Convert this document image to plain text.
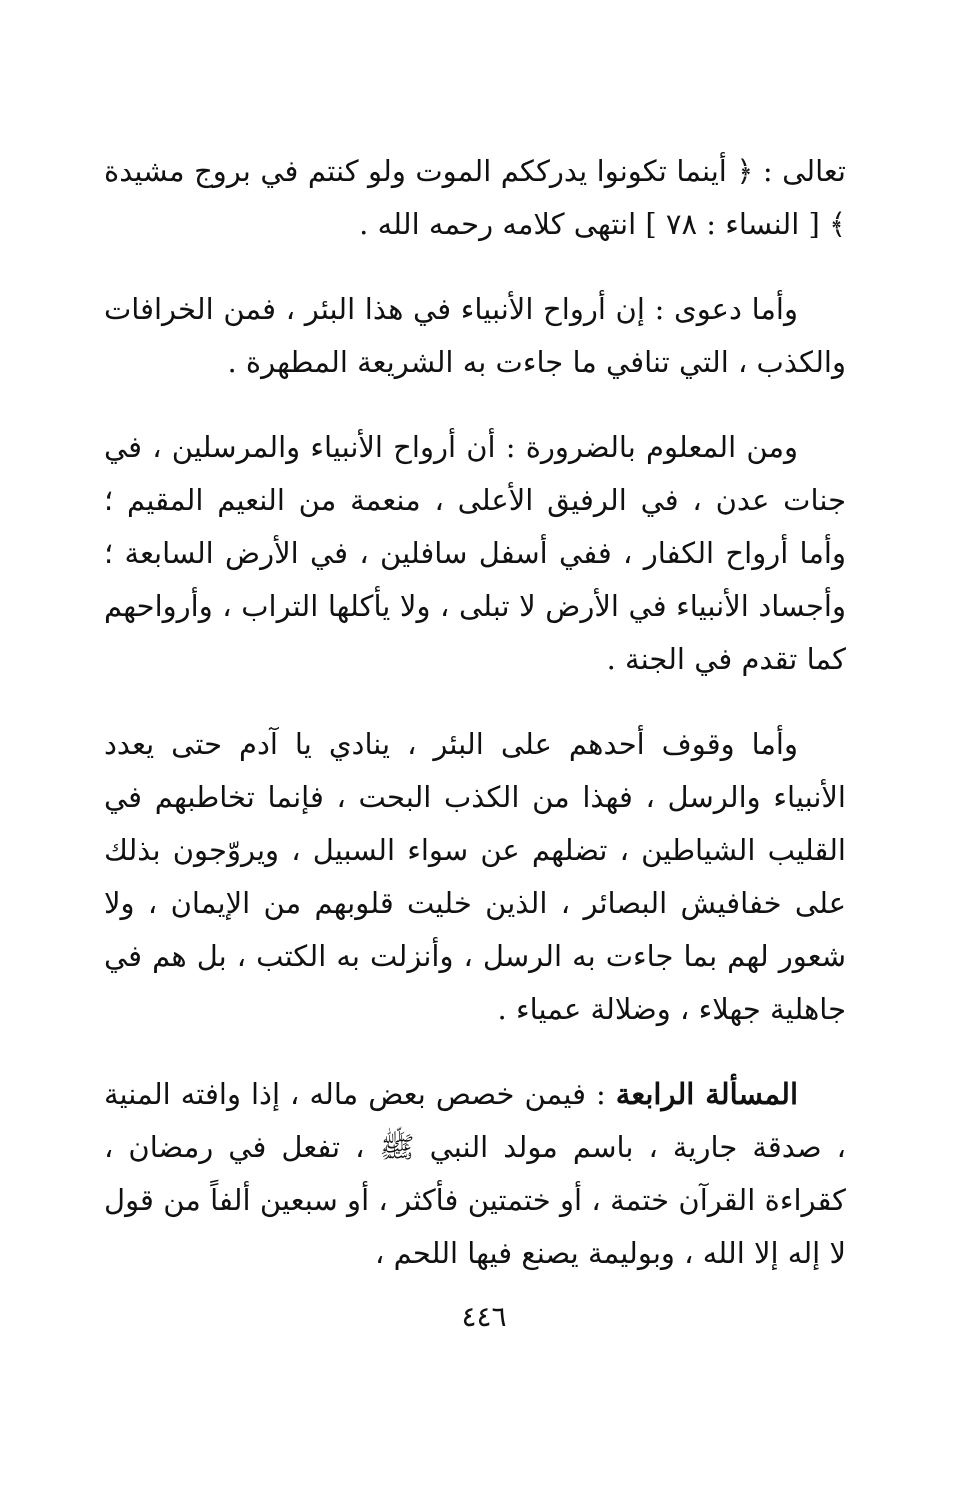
تعالى : ﴿ أينما تكونوا يدرككم الموت ولو كنتم في بروج مشيدة ﴾ [ النساء : ٧٨ ] انتهى كلامه رحمه الله .

وأما دعوى : إن أرواح الأنبياء في هذا البئر ، فمن الخرافات والكذب ، التي تنافي ما جاءت به الشريعة المطهرة .

ومن المعلوم بالضرورة : أن أرواح الأنبياء والمرسلين ، في جنات عدن ، في الرفيق الأعلى ، منعمة من النعيم المقيم ؛ وأما أرواح الكفار ، ففي أسفل سافلين ، في الأرض السابعة ؛ وأجساد الأنبياء في الأرض لا تبلى ، ولا يأكلها التراب ، وأرواحهم كما تقدم في الجنة .

وأما وقوف أحدهم على البئر ، ينادي يا آدم حتى يعدد الأنبياء والرسل ، فهذا من الكذب البحت ، فإنما تخاطبهم في القليب الشياطين ، تضلهم عن سواء السبيل ، ويروّجون بذلك على خفافيش البصائر ، الذين خليت قلوبهم من الإيمان ، ولا شعور لهم بما جاءت به الرسل ، وأنزلت به الكتب ، بل هم في جاهلية جهلاء ، وضلالة عمياء .

المسألة الرابعة : فيمن خصص بعض ماله ، إذا وافته المنية ، صدقة جارية ، باسم مولد النبي ﷺ ، تفعل في رمضان ، كقراءة القرآن ختمة ، أو ختمتين فأكثر ، أو سبعين ألفاً من قول لا إله إلا الله ، وبوليمة يصنع فيها اللحم ،

٤٤٦
